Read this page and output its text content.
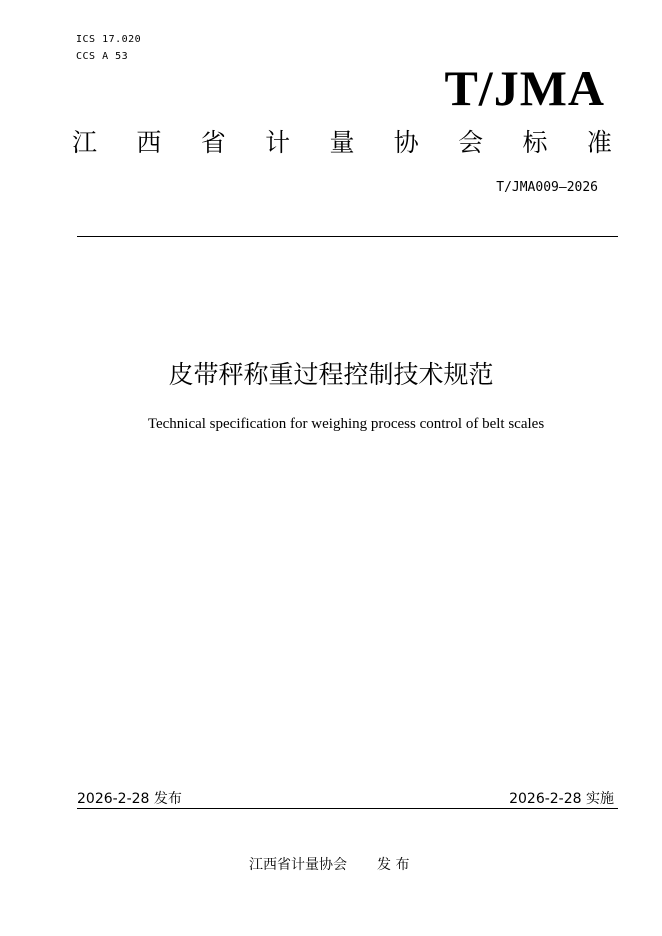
ICS 17.020
CCS A 53
T/JMA
江 西 省 计 量 协 会 标 准
T/JMA009—2026
皮带秤称重过程控制技术规范
Technical specification for weighing process control of belt scales
2026-2-28 发布	2026-2-28 实施
江西省计量协会 发 布
